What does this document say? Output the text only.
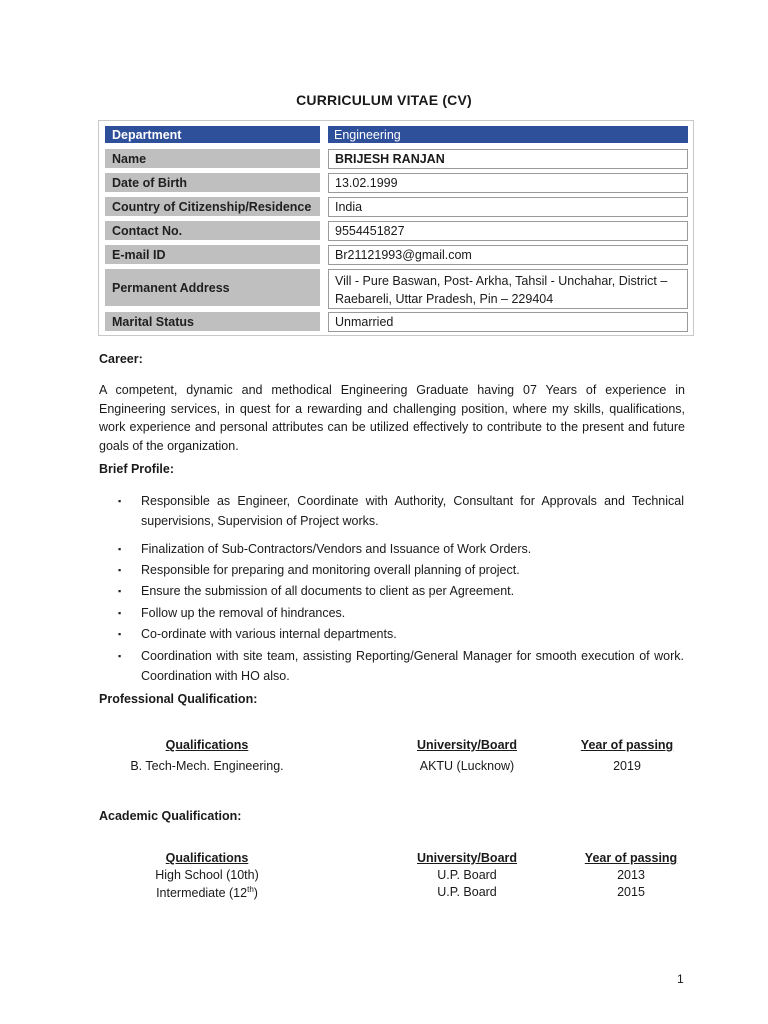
CURRICULUM VITAE (CV)
Department	Engineering
Name	BRIJESH RANJAN
Date of Birth	13.02.1999
Country of Citizenship/Residence	India
Contact No.	9554451827
E-mail ID	Br21121993@gmail.com
Permanent Address	Vill - Pure Baswan, Post- Arkha, Tahsil - Unchahar, District –
Raebareli, Uttar Pradesh, Pin – 229404
Marital Status	Unmarried
Career:
A competent, dynamic and methodical Engineering Graduate having 07 Years of experience in Engineering services, in quest for a rewarding and challenging position, where my skills, qualifications, work experience and personal attributes can be utilized effectively to contribute to the present and future goals of the organization.
Brief Profile:
▪ Responsible as Engineer, Coordinate with Authority, Consultant for Approvals and Technical supervisions, Supervision of Project works.
▪ Finalization of Sub-Contractors/Vendors and Issuance of Work Orders.
▪ Responsible for preparing and monitoring overall planning of project.
▪ Ensure the submission of all documents to client as per Agreement.
▪ Follow up the removal of hindrances.
▪ Co-ordinate with various internal departments.
▪ Coordination with site team, assisting Reporting/General Manager for smooth execution of work. Coordination with HO also.
Professional Qualification:
Qualifications	University/Board	Year of passing
B. Tech-Mech. Engineering.	AKTU (Lucknow)	2019
Academic Qualification:
Qualifications	University/Board	Year of passing
High School (10th)	U.P. Board	2013
Intermediate (12th)	U.P. Board	2015
1
